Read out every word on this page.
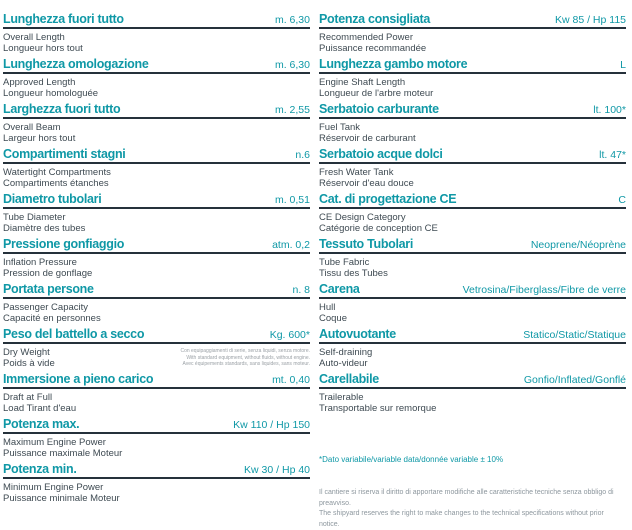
Lunghezza fuori tutto	m. 6,30
Overall Length
Longueur hors tout
Lunghezza omologazione	m. 6,30
Approved Length
Longueur homologuée
Larghezza fuori tutto	m. 2,55
Overall Beam
Largeur hors tout
Compartimenti stagni	n.6
Watertight Compartments
Compartiments étanches
Diametro tubolari	m. 0,51
Tube Diameter
Diamètre des tubes
Pressione gonfiaggio	atm. 0,2
Inflation Pressure
Pression de gonflage
Portata persone	n. 8
Passenger Capacity
Capacité en personnes
Peso del battello a secco	Kg. 600*
Dry Weight
Poids à vide
Con equipaggiamenti di serie, senza liquidi, senza motore.
With standard equipment, without fluids, without engine.
Avec équipements standards, sans liquides, sans moteur.
Immersione a pieno carico	mt. 0,40
Draft at Full
Load Tirant d'eau
Potenza max.	Kw 110 / Hp 150
Maximum Engine Power
Puissance maximale Moteur
Potenza min.	Kw 30 / Hp 40
Minimum Engine Power
Puissance minimale Moteur
Potenza consigliata	Kw 85 / Hp 115
Recommended Power
Puissance recommandée
Lunghezza gambo motore	L
Engine Shaft Length
Longueur de l'arbre moteur
Serbatoio carburante	lt. 100*
Fuel Tank
Réservoir de carburant
Serbatoio acque dolci	lt. 47*
Fresh Water Tank
Réservoir d'eau douce
Cat. di progettazione CE	C
CE Design Category
Catégorie de conception CE
Tessuto Tubolari	Neoprene/Néoprène
Tube Fabric
Tissu des Tubes
Carena	Vetrosina/Fiberglass/Fibre de verre
Hull
Coque
Autovuotante	Statico/Static/Statique
Self-draining
Auto-videur
Carellabile	Gonfio/Inflated/Gonflé
Trailerable
Transportable sur remorque
*Dato variabile/variable data/donnée variable ± 10%
Il cantiere si riserva il diritto di apportare modifiche alle caratteristiche tecniche senza obbligo di preavviso.
The shipyard reserves the right to make changes to the technical specifications without prior notice.
